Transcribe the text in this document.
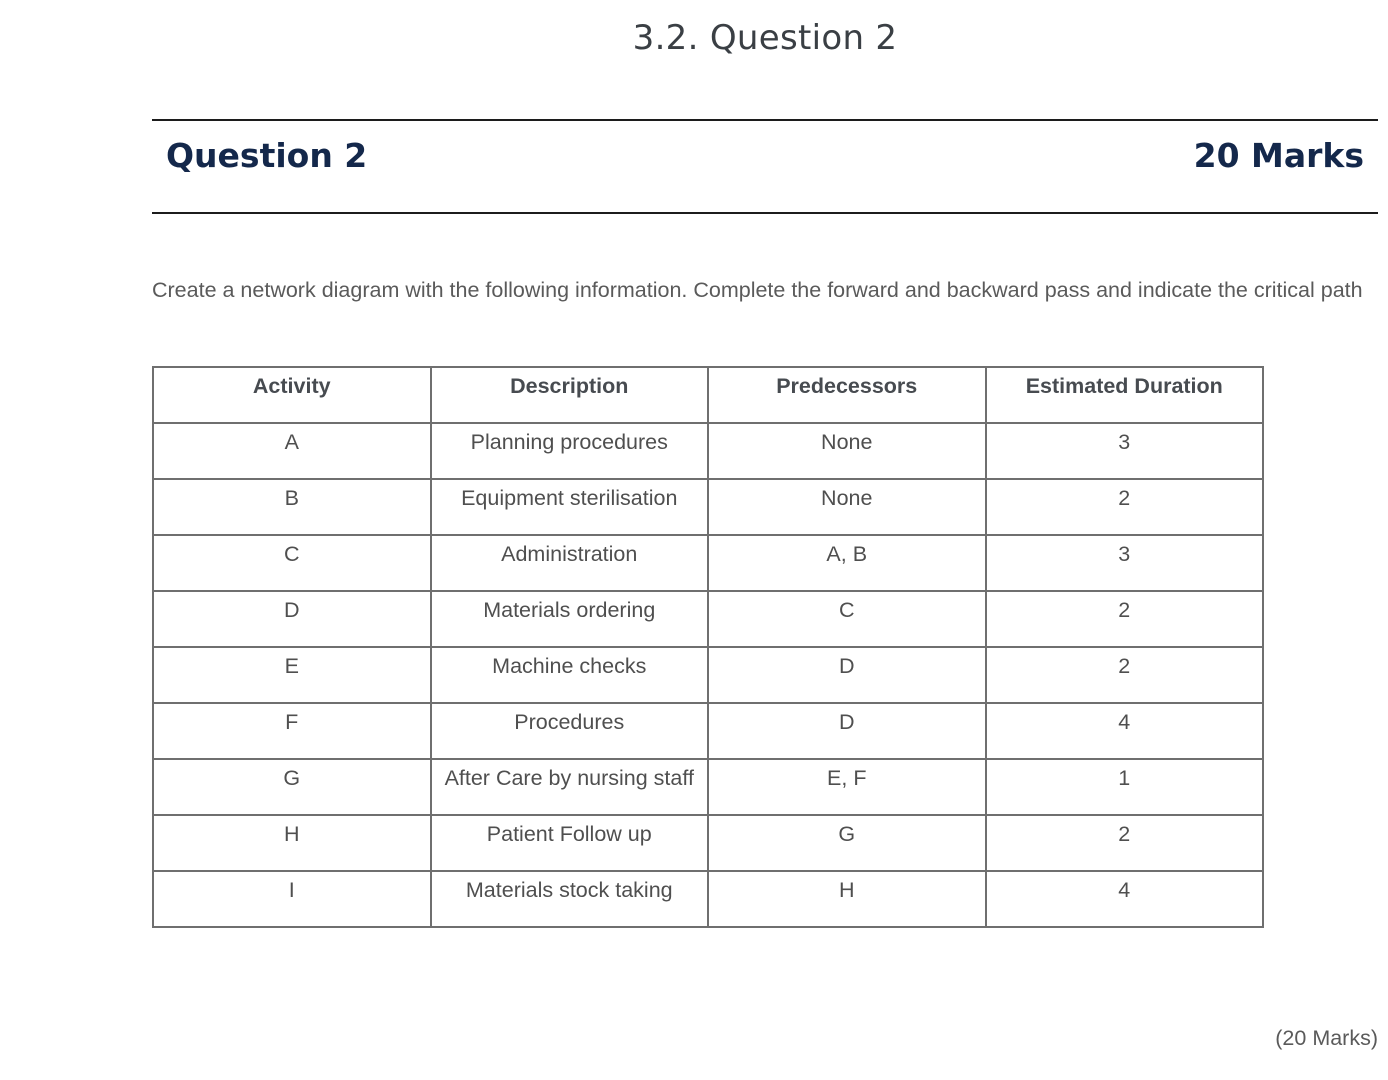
3.2. Question 2
Question 2	20 Marks
Create a network diagram with the following information. Complete the forward and backward pass and indicate the critical path
Activity	Description	Predecessors	Estimated Duration
A	Planning procedures	None	3
B	Equipment sterilisation	None	2
C	Administration	A, B	3
D	Materials ordering	C	2
E	Machine checks	D	2
F	Procedures	D	4
G	After Care by nursing staff	E, F	1
H	Patient Follow up	G	2
I	Materials stock taking	H	4
(20 Marks)
